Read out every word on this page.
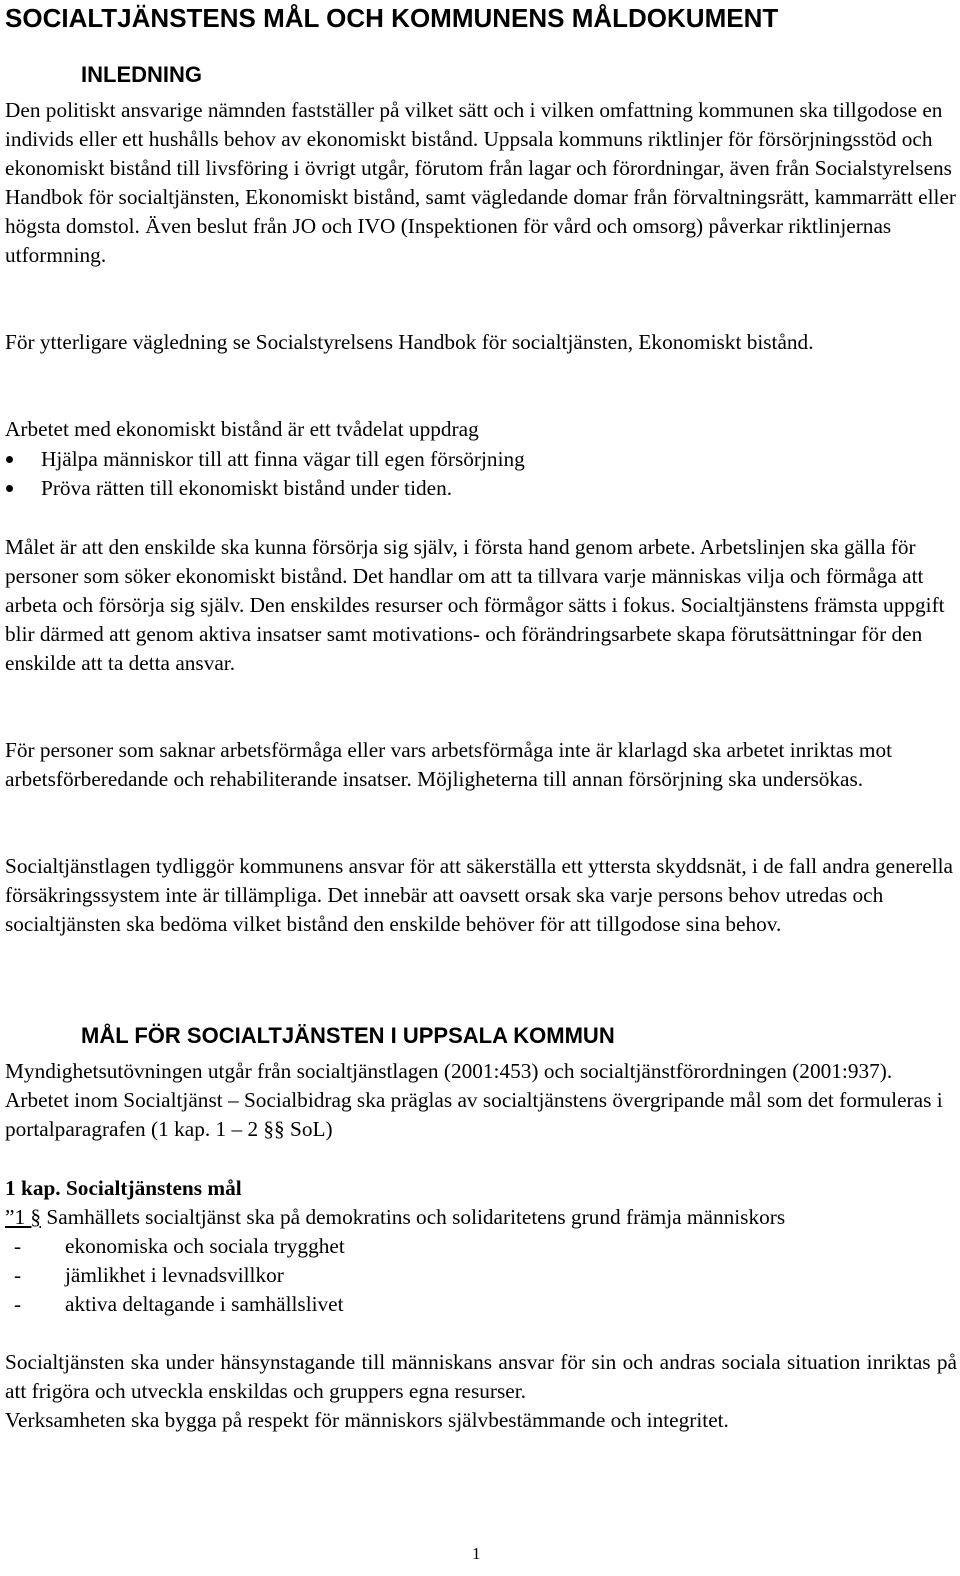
SOCIALTJÄNSTENS MÅL OCH KOMMUNENS MÅLDOKUMENT
INLEDNING
Den politiskt ansvarige nämnden fastställer på vilket sätt och i vilken omfattning kommunen ska tillgodose en individs eller ett hushålls behov av ekonomiskt bistånd. Uppsala kommuns riktlinjer för försörjningsstöd och ekonomiskt bistånd till livsföring i övrigt utgår, förutom från lagar och förordningar, även från Socialstyrelsens Handbok för socialtjänsten, Ekonomiskt bistånd, samt vägledande domar från förvaltningsrätt, kammarrätt eller högsta domstol. Även beslut från JO och IVO (Inspektionen för vård och omsorg) påverkar riktlinjernas utformning.

För ytterligare vägledning se Socialstyrelsens Handbok för socialtjänsten, Ekonomiskt bistånd.

Arbetet med ekonomiskt bistånd är ett tvådelat uppdrag

Hjälpa människor till att finna vägar till egen försörjning
Pröva rätten till ekonomiskt bistånd under tiden.

Målet är att den enskilde ska kunna försörja sig själv, i första hand genom arbete. Arbetslinjen ska gälla för personer som söker ekonomiskt bistånd. Det handlar om att ta tillvara varje människas vilja och förmåga att arbeta och försörja sig själv. Den enskildes resurser och förmågor sätts i fokus. Socialtjänstens främsta uppgift blir därmed att genom aktiva insatser samt motivations- och förändringsarbete skapa förutsättningar för den enskilde att ta detta ansvar.

För personer som saknar arbetsförmåga eller vars arbetsförmåga inte är klarlagd ska arbetet inriktas mot arbetsförberedande och rehabiliterande insatser. Möjligheterna till annan försörjning ska undersökas.

Socialtjänstlagen tydliggör kommunens ansvar för att säkerställa ett yttersta skyddsnät, i de fall andra generella försäkringssystem inte är tillämpliga. Det innebär att oavsett orsak ska varje persons behov utredas och socialtjänsten ska bedöma vilket bistånd den enskilde behöver för att tillgodose sina behov.

MÅL FÖR SOCIALTJÄNSTEN I UPPSALA KOMMUN

Myndighetsutövningen utgår från socialtjänstlagen (2001:453) och socialtjänstförordningen (2001:937). Arbetet inom Socialtjänst – Socialbidrag ska präglas av socialtjänstens övergripande mål som det formuleras i portalparagrafen (1 kap. 1 – 2 §§ SoL)

1 kap. Socialtjänstens mål

”1 § Samhällets socialtjänst ska på demokratins och solidaritetens grund främja människors

- ekonomiska och sociala trygghet
- jämlikhet i levnadsvillkor
- aktiva deltagande i samhällslivet
Socialtjänsten ska under hänsynstagande till människans ansvar för sin och andras sociala situation inriktas på att frigöra och utveckla enskildas och gruppers egna resurser.

Verksamheten ska bygga på respekt för människors självbestämmande och integritet.

1
